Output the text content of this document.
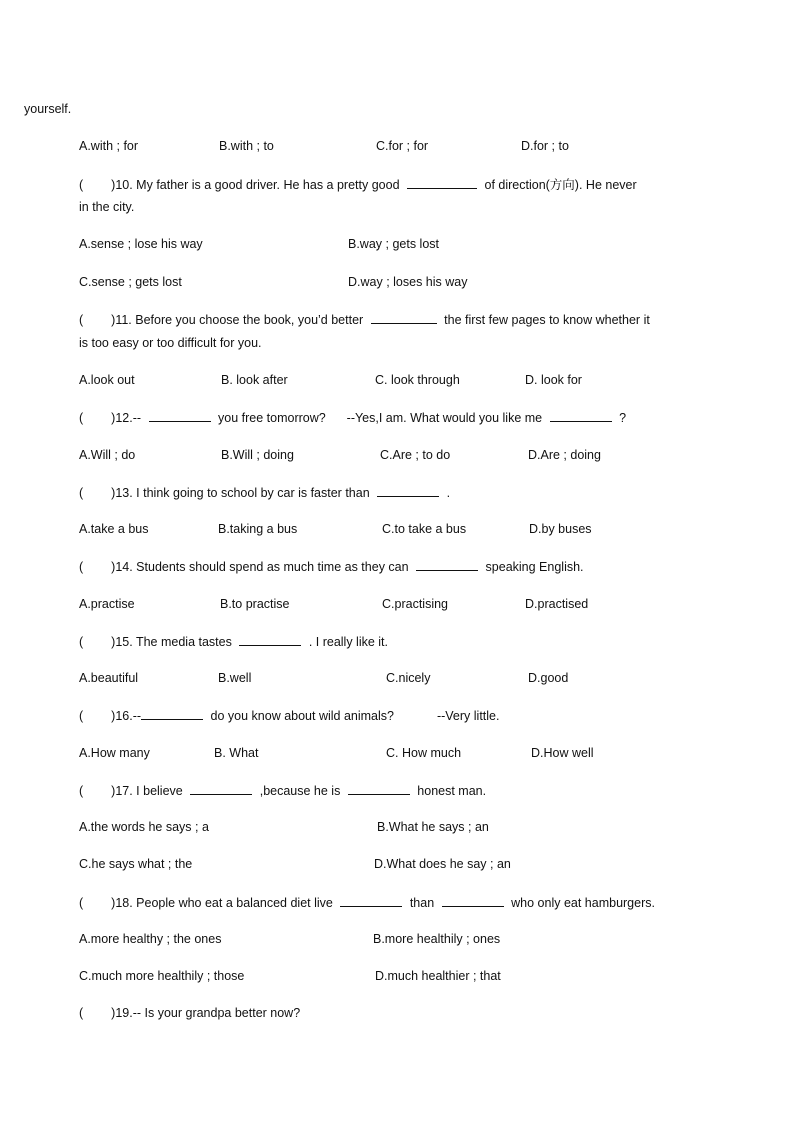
yourself.
A.with ; for	B.with ; to	C.for ; for	D.for ; to
( )10. My father is a good driver. He has a pretty good	of direction(方向). He never
in the city.
A.sense ; lose his way	B.way ; gets lost
C.sense ; gets lost	D.way ; loses his way
( )11. Before you choose the book, you’d better	the first few pages to know whether it
is too easy or too difficult for you.
A.look out	B. look after	C. look through	D. look for
( )12.--	you free tomorrow? --Yes,I am. What would you like me	?
A.Will ; do	B.Will ; doing	C.Are ; to do	D.Are ; doing
( )13. I think going to school by car is faster than	.
A.take a bus	B.taking a bus	C.to take a bus	D.by buses
( )14. Students should spend as much time as they can	speaking English.
A.practise	B.to practise	C.practising	D.practised
( )15. The media tastes	. I really like it.
A.beautiful	B.well	C.nicely	D.good
( )16.--	do you know about wild animals?	--Very little.
A.How many	B. What	C. How much	D.How well
( )17. I believe	,because he is	honest man.
A.the words he says ; a	B.What he says ; an
C.he says what ; the	D.What does he say ; an
( )18. People who eat a balanced diet live	than	who only eat hamburgers.
A.more healthy ; the ones	B.more healthily ; ones
C.much more healthily ; those	D.much healthier ; that
( )19.-- Is your grandpa better now?
